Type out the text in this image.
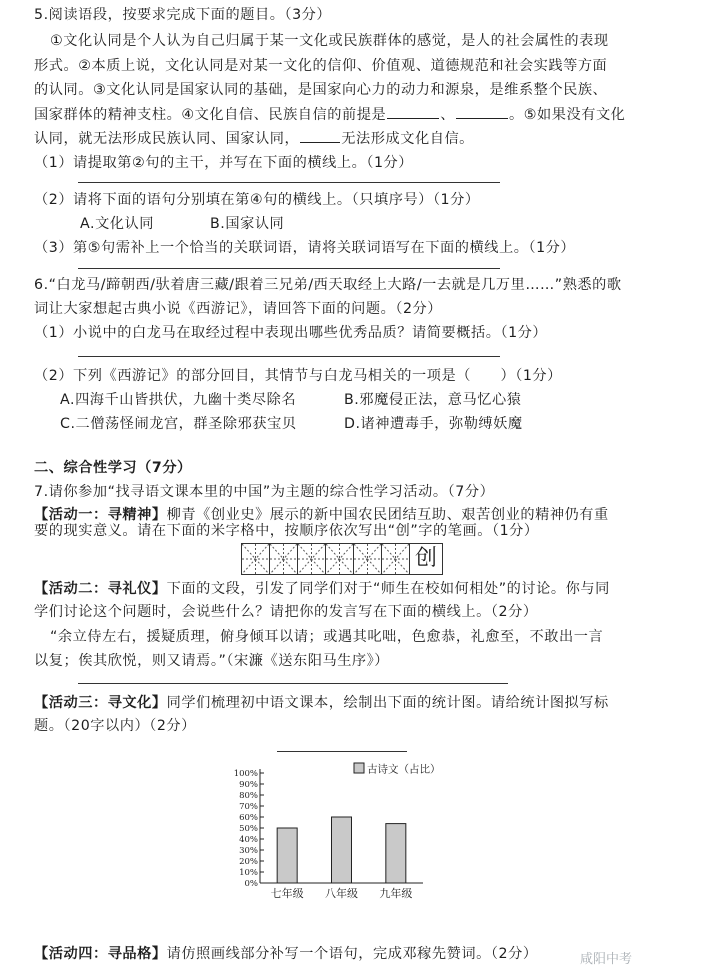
5.阅读语段，按要求完成下面的题目。（3分）
①文化认同是个人认为自己归属于某一文化或民族群体的感觉，是人的社会属性的表现
形式。②本质上说，文化认同是对某一文化的信仰、价值观、道德规范和社会实践等方面
的认同。③文化认同是国家认同的基础，是国家向心力的动力和源泉，是维系整个民族、
国家群体的精神支柱。④文化自信、民族自信的前提是	、	。⑤如果没有文化
认同，就无法形成民族认同、国家认同，	无法形成文化自信。
（1）请提取第②句的主干，并写在下面的横线上。（1分）
（2）请将下面的语句分别填在第④句的横线上。（只填序号）（1分）
A.文化认同	B.国家认同
（3）第⑤句需补上一个恰当的关联词语，请将关联词语写在下面的横线上。（1分）
6.“白龙马/蹄朝西/驮着唐三藏/跟着三兄弟/西天取经上大路/一去就是几万里……”熟悉的歌
词让大家想起古典小说《西游记》，请回答下面的问题。（2分）
（1）小说中的白龙马在取经过程中表现出哪些优秀品质？请简要概括。（1分）
（2）下列《西游记》的部分回目，其情节与白龙马相关的一项是（　　）（1分）
A.四海千山皆拱伏，九幽十类尽除名	B.邪魔侵正法，意马忆心猿
C.二僧荡怪闹龙宫，群圣除邪获宝贝	D.诸神遭毒手，弥勒缚妖魔
二、综合性学习（7分）
7.请你参加“找寻语文课本里的中国”为主题的综合性学习活动。（7分）
【活动一：寻精神】柳青《创业史》展示的新中国农民团结互助、艰苦创业的精神仍有重
要的现实意义。请在下面的米字格中，按顺序依次写出“创”字的笔画。（1分）
创
【活动二：寻礼仪】下面的文段，引发了同学们对于“师生在校如何相处”的讨论。你与同
学们讨论这个问题时，会说些什么？请把你的发言写在下面的横线上。（2分）
“余立侍左右，援疑质理，俯身倾耳以请；或遇其叱咄，色愈恭，礼愈至，不敢出一言
以复；俟其欣悦，则又请焉。”（宋濂《送东阳马生序》）
【活动三：寻文化】同学们梳理初中语文课本，绘制出下面的统计图。请给统计图拟写标
题。（20字以内）（2分）
100%
90%
80%
70%
60%
50%
40%
30%
20%
10%
0%
七年级 八年级 九年级
古诗文（占比）
【活动四：寻品格】请仿照画线部分补写一个语句，完成邓稼先赞词。（2分）	咸阳中考
